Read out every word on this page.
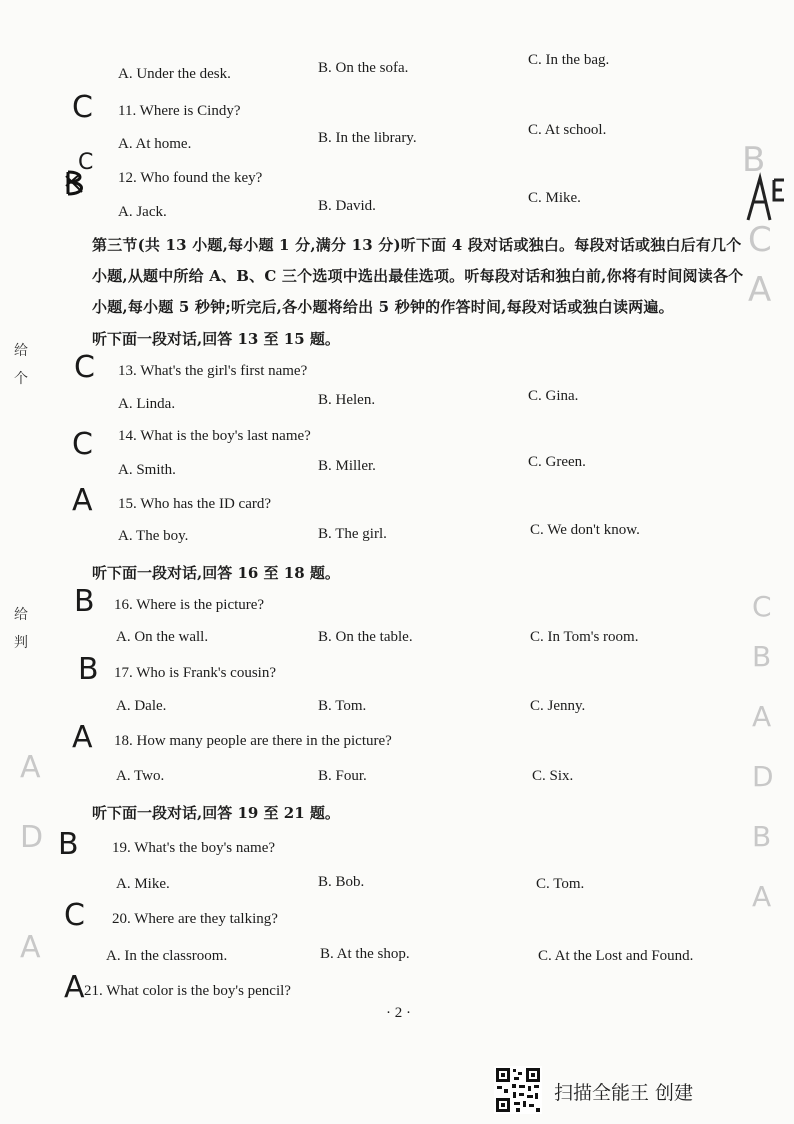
B
C
A
C
B
A
D
B
A
A
D
A
给
个
给
判
A. Under the desk.	B. On the sofa.	C. In the bag.
C 11. Where is Cindy?
A. At home.	B. In the library.	C. At school.
C
12. Who found the key?
A. Jack.	B. David.	C. Mike.
第三节(共 13 小题,每小题 1 分,满分 13 分)听下面 4 段对话或独白。每段对话或独白后有几个小题,从题中所给 A、B、C 三个选项中选出最佳选项。听每段对话和独白前,你将有时间阅读各个小题,每小题 5 秒钟;听完后,各小题将给出 5 秒钟的作答时间,每段对话或独白读两遍。
听下面一段对话,回答 13 至 15 题。
C 13. What's the girl's first name?
A. Linda.	B. Helen.	C. Gina.
C 14. What is the boy's last name?
A. Smith.	B. Miller.	C. Green.
A 15. Who has the ID card?
A. The boy.	B. The girl.	C. We don't know.
听下面一段对话,回答 16 至 18 题。
B 16. Where is the picture?
A. On the wall.	B. On the table.	C. In Tom's room.
B 17. Who is Frank's cousin?
A. Dale.	B. Tom.	C. Jenny.
A 18. How many people are there in the picture?
A. Two.	B. Four.	C. Six.
听下面一段对话,回答 19 至 21 题。
B 19. What's the boy's name?
A. Mike.	B. Bob.	C. Tom.
C 20. Where are they talking?
A. In the classroom.	B. At the shop.	C. At the Lost and Found.
A 21. What color is the boy's pencil?
· 2 ·
扫描全能王 创建
